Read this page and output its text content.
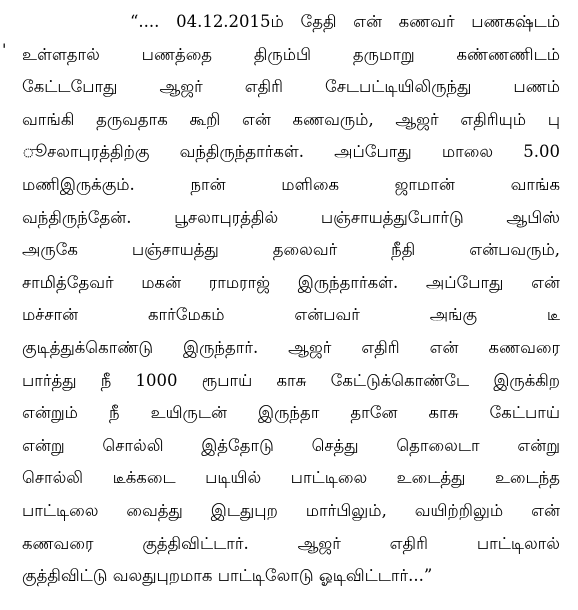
'
“.... 04.12.2015ம் தேதி என் கணவர் பணகஷ்டம்
உள்ளதால் பணத்தை திரும்பி தருமாறு கண்ணணிடம்
கேட்டபோது ஆஜர் எதிரி சேடபட்டியிலிருந்து பணம்
வாங்கி தருவதாக கூறி என் கணவரும், ஆஜர் எதிரியும் பு
ூசலாபுரத்திற்கு வந்திருந்தார்கள். அப்போது மாலை 5.00
மணிஇருக்கும். நான் மளிகை ஜாமான் வாங்க
வந்திருந்தேன். பூசலாபுரத்தில் பஞ்சாயத்துபோர்டு ஆபிஸ்
அருகே பஞ்சாயத்து தலைவர் நீதி என்பவரும்,
சாமித்தேவர் மகன் ராமராஜ் இருந்தார்கள். அப்போது என்
மச்சான் கார்மேகம் என்பவர் அங்கு டீ
குடித்துக்கொண்டு இருந்தார். ஆஜர் எதிரி என் கணவரை
பார்த்து நீ 1000 ரூபாய் காசு கேட்டுக்கொண்டே இருக்கிற
என்றும் நீ உயிருடன் இருந்தா தானே காசு கேட்பாய்
என்று சொல்லி இத்தோடு செத்து தொலைடா என்று
சொல்லி டீக்கடை படியில் பாட்டிலை உடைத்து உடைந்த
பாட்டிலை வைத்து இடதுபுற மார்பிலும், வயிற்றிலும் என்
கணவரை குத்திவிட்டார். ஆஜர் எதிரி பாட்டிலால்
குத்திவிட்டு வலதுபுறமாக பாட்டிலோடு ஓடிவிட்டார்...”
